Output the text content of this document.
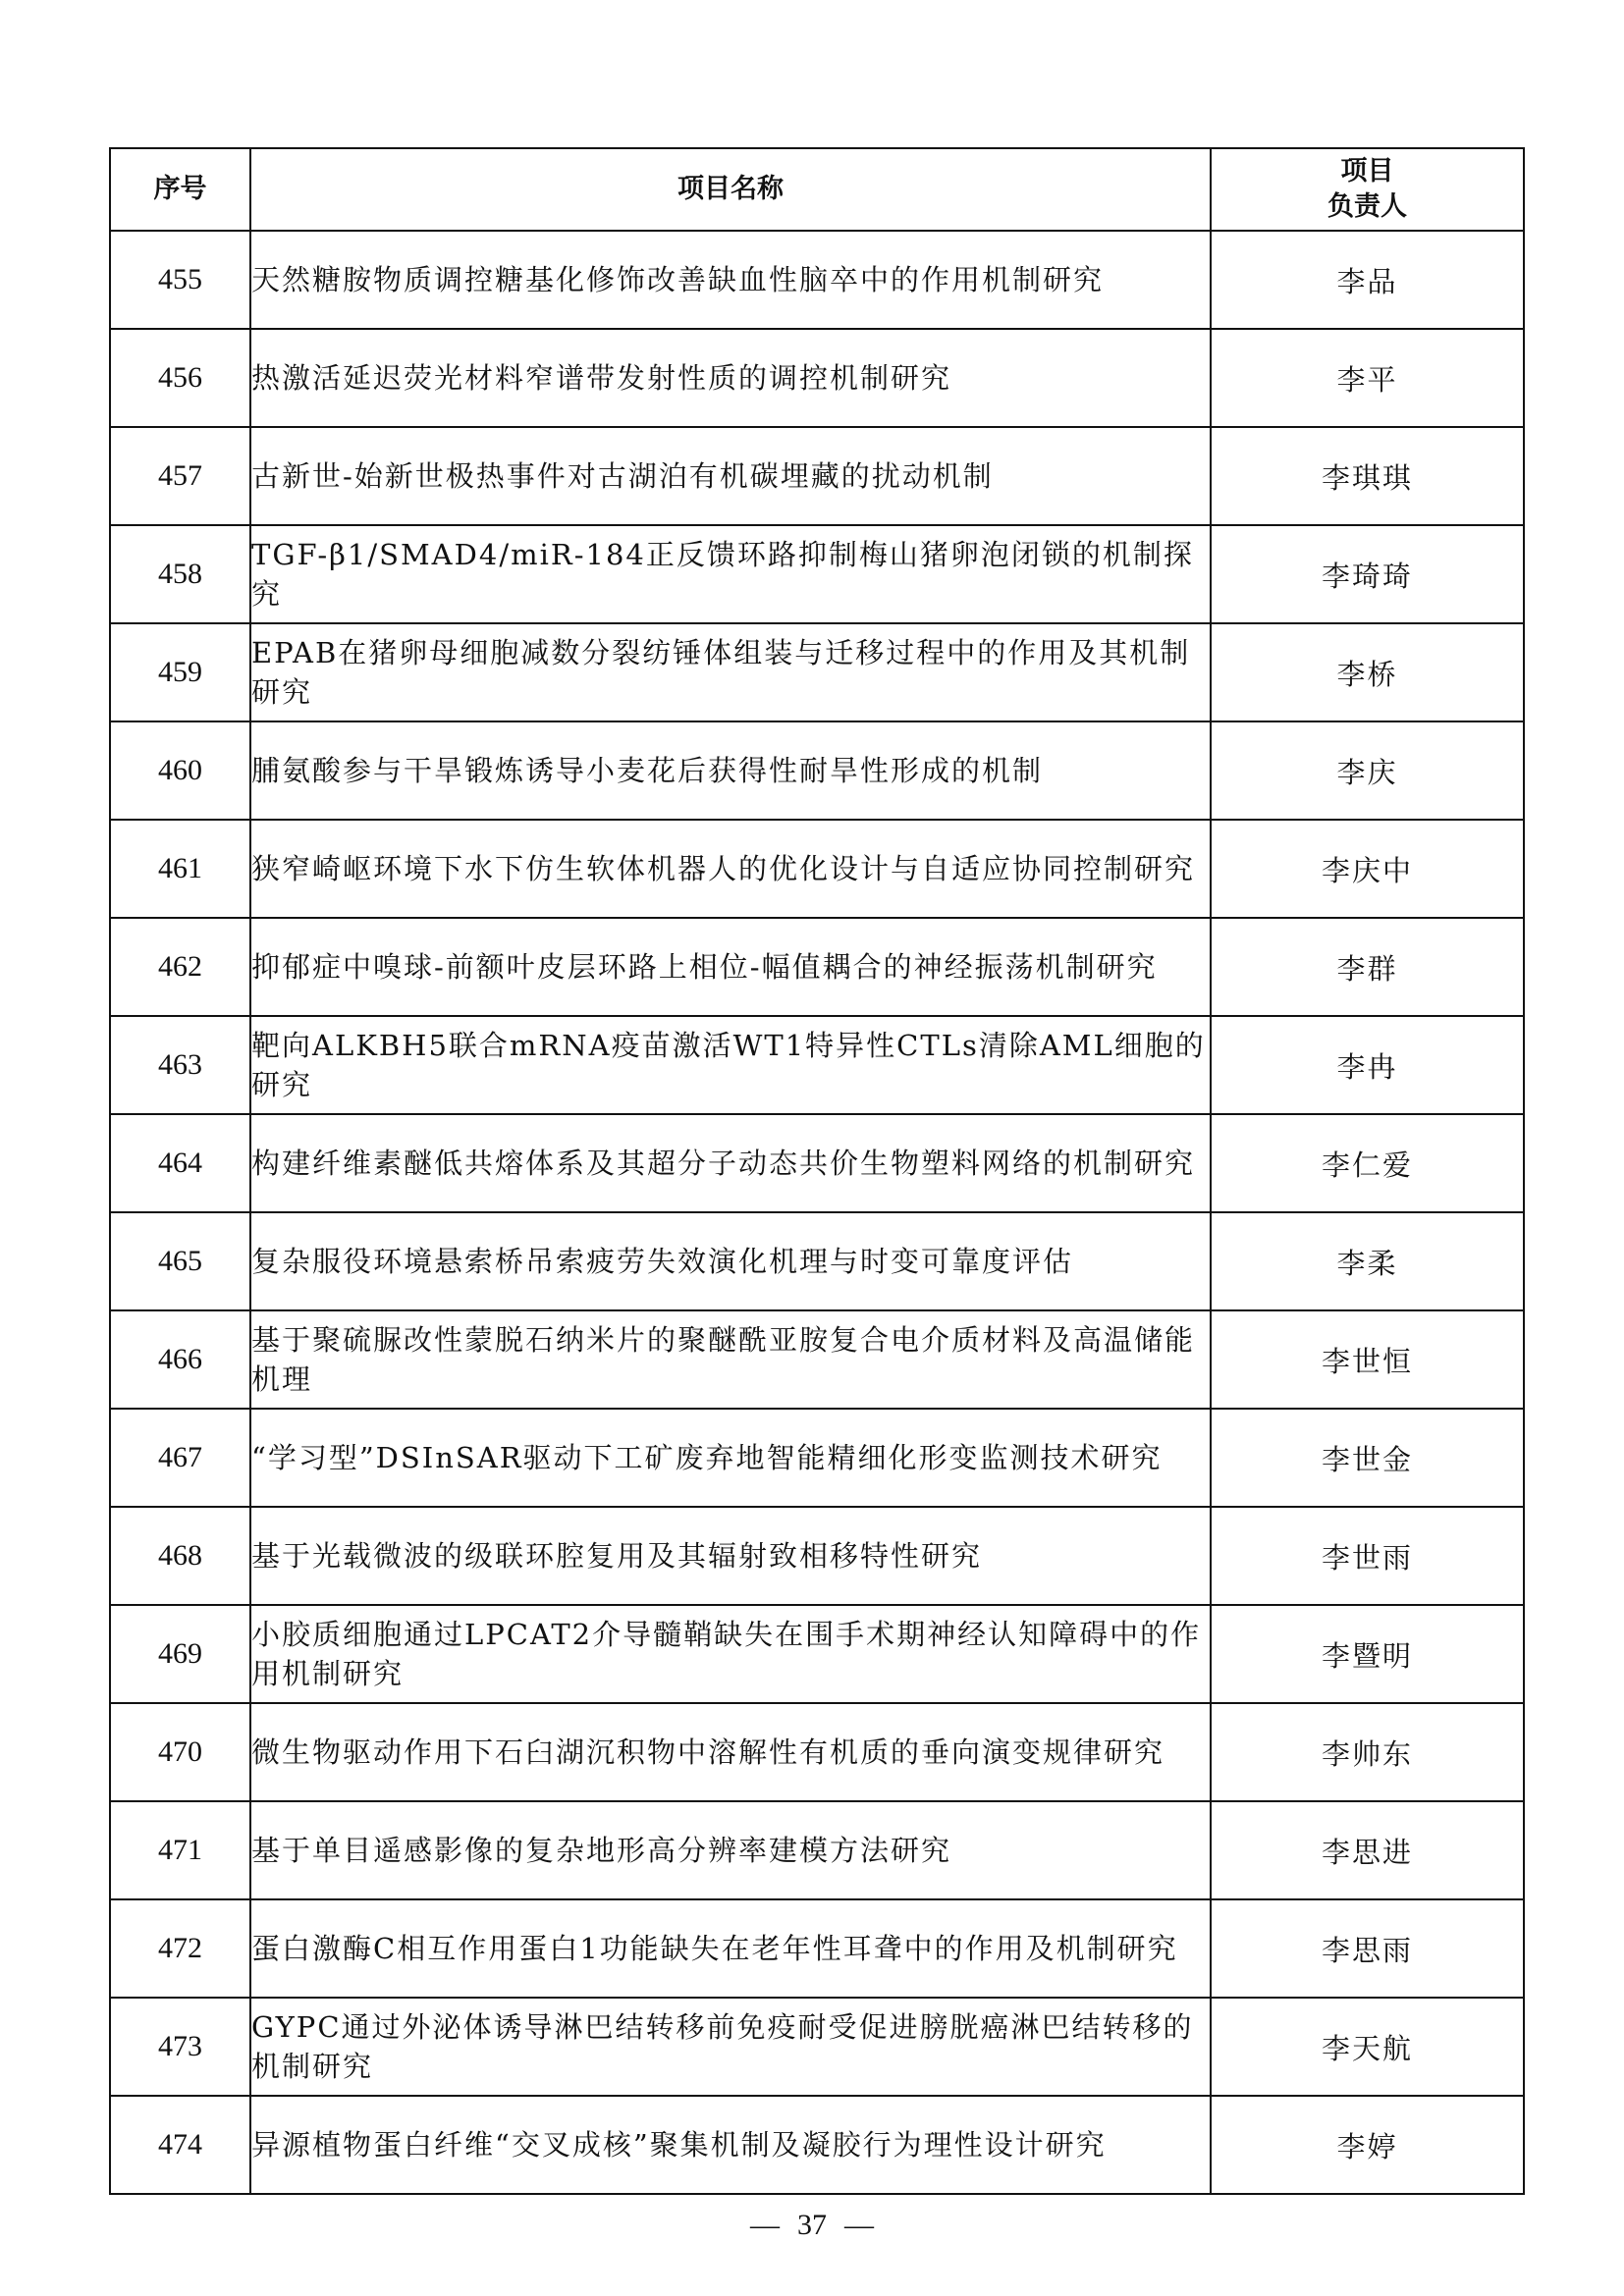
序号	项目名称	项目
负责人

455	天然糖胺物质调控糖基化修饰改善缺血性脑卒中的作用机制研究	李品
456	热激活延迟荧光材料窄谱带发射性质的调控机制研究	李平
457	古新世-始新世极热事件对古湖泊有机碳埋藏的扰动机制	李琪琪
458	TGF-β1/SMAD4/miR-184正反馈环路抑制梅山猪卵泡闭锁的机制探究	李琦琦
459	EPAB在猪卵母细胞减数分裂纺锤体组装与迁移过程中的作用及其机制研究	李桥
460	脯氨酸参与干旱锻炼诱导小麦花后获得性耐旱性形成的机制	李庆
461	狭窄崎岖环境下水下仿生软体机器人的优化设计与自适应协同控制研究	李庆中
462	抑郁症中嗅球-前额叶皮层环路上相位-幅值耦合的神经振荡机制研究	李群
463	靶向ALKBH5联合mRNA疫苗激活WT1特异性CTLs清除AML细胞的研究	李冉
464	构建纤维素醚低共熔体系及其超分子动态共价生物塑料网络的机制研究	李仁爱
465	复杂服役环境悬索桥吊索疲劳失效演化机理与时变可靠度评估	李柔
466	基于聚硫脲改性蒙脱石纳米片的聚醚酰亚胺复合电介质材料及高温储能机理	李世恒
467	“学习型”DSInSAR驱动下工矿废弃地智能精细化形变监测技术研究	李世金
468	基于光载微波的级联环腔复用及其辐射致相移特性研究	李世雨
469	小胶质细胞通过LPCAT2介导髓鞘缺失在围手术期神经认知障碍中的作用机制研究	李暨明
470	微生物驱动作用下石臼湖沉积物中溶解性有机质的垂向演变规律研究	李帅东
471	基于单目遥感影像的复杂地形高分辨率建模方法研究	李思进
472	蛋白激酶C相互作用蛋白1功能缺失在老年性耳聋中的作用及机制研究	李思雨
473	GYPC通过外泌体诱导淋巴结转移前免疫耐受促进膀胱癌淋巴结转移的机制研究	李天航
474	异源植物蛋白纤维“交叉成核”聚集机制及凝胶行为理性设计研究	李婷
— 37 —
